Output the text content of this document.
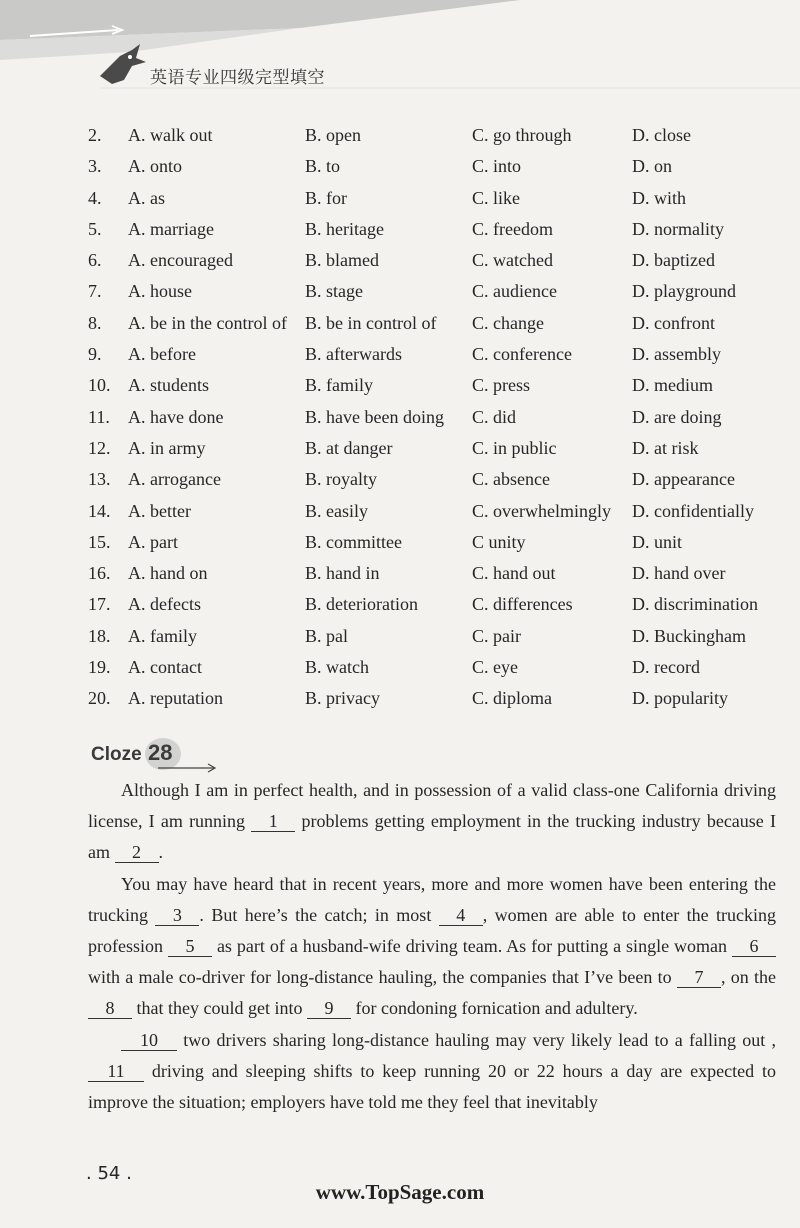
英语专业四级完型填空
2. A. walk out	B. open	C. go through	D. close
3. A. onto	B. to	C. into	D. on
4. A. as	B. for	C. like	D. with
5. A. marriage	B. heritage	C. freedom	D. normality
6. A. encouraged	B. blamed	C. watched	D. baptized
7. A. house	B. stage	C. audience	D. playground
8. A. be in the control of B. be in control of C. change	D. confront
9. A. before	B. afterwards	C. conference	D. assembly
10. A. students	B. family	C. press	D. medium
11. A. have done	B. have been doing C. did	D. are doing
12. A. in army	B. at danger	C. in public	D. at risk
13. A. arrogance	B. royalty	C. absence	D. appearance
14. A. better	B. easily	C. overwhelmingly D. confidentially
15. A. part	B. committee	C unity	D. unit
16. A. hand on	B. hand in	C. hand out	D. hand over
17. A. defects	B. deterioration	C. differences	D. discrimination
18. A. family	B. pal	C. pair	D. Buckingham
19. A. contact	B. watch	C. eye	D. record
20. A. reputation	B. privacy	C. diploma	D. popularity
Cloze 28

Although I am in perfect health, and in possession of a valid class-one California driving license, I am running 1 problems getting employment in the trucking industry because I am 2 .

You may have heard that in recent years, more and more women have been entering the trucking 3 . But here’s the catch; in most 4 , women are able to enter the trucking profession 5 as part of a husband-wife driving team. As for putting a single woman 6 with a male co-driver for long-distance hauling, the companies that I’ve been to 7 , on the 8 that they could get into 9 for condoning fornication and adultery.

10 two drivers sharing long-distance hauling may very likely lead to a falling out , 11 driving and sleeping shifts to keep running 20 or 22 hours a day are expected to improve the situation; employers have told me they feel that inevitably

. 54 .
www.TopSage.com
